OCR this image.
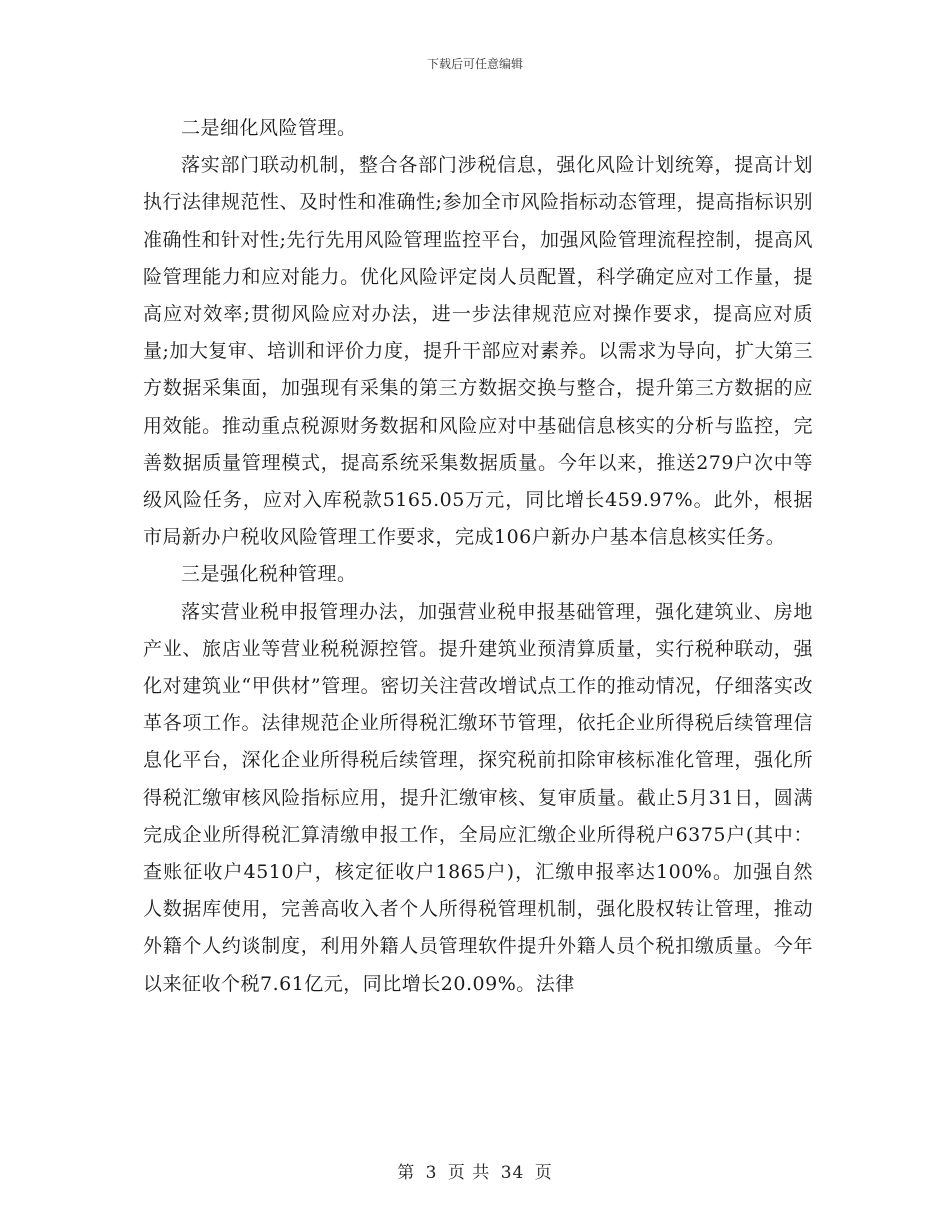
下载后可任意编辑

二是细化风险管理。

落实部门联动机制，整合各部门涉税信息，强化风险计划统筹，提高计划执行法律规范性、及时性和准确性;参加全市风险指标动态管理，提高指标识别准确性和针对性;先行先用风险管理监控平台，加强风险管理流程控制，提高风险管理能力和应对能力。优化风险评定岗人员配置，科学确定应对工作量，提高应对效率;贯彻风险应对办法，进一步法律规范应对操作要求，提高应对质量;加大复审、培训和评价力度，提升干部应对素养。以需求为导向，扩大第三方数据采集面，加强现有采集的第三方数据交换与整合，提升第三方数据的应用效能。推动重点税源财务数据和风险应对中基础信息核实的分析与监控，完善数据质量管理模式，提高系统采集数据质量。今年以来，推送279户次中等级风险任务，应对入库税款5165.05万元，同比增长459.97%。此外，根据市局新办户税收风险管理工作要求，完成106户新办户基本信息核实任务。

三是强化税种管理。

落实营业税申报管理办法，加强营业税申报基础管理，强化建筑业、房地产业、旅店业等营业税税源控管。提升建筑业预清算质量，实行税种联动，强化对建筑业“甲供材”管理。密切关注营改增试点工作的推动情况，仔细落实改革各项工作。法律规范企业所得税汇缴环节管理，依托企业所得税后续管理信息化平台，深化企业所得税后续管理，探究税前扣除审核标准化管理，强化所得税汇缴审核风险指标应用，提升汇缴审核、复审质量。截止5月31日，圆满完成企业所得税汇算清缴申报工作，全局应汇缴企业所得税户6375户(其中：查账征收户4510户，核定征收户1865户)，汇缴申报率达100%。加强自然人数据库使用，完善高收入者个人所得税管理机制，强化股权转让管理，推动外籍个人约谈制度，利用外籍人员管理软件提升外籍人员个税扣缴质量。今年以来征收个税7.61亿元，同比增长20.09%。法律

第 3 页 共 34 页
